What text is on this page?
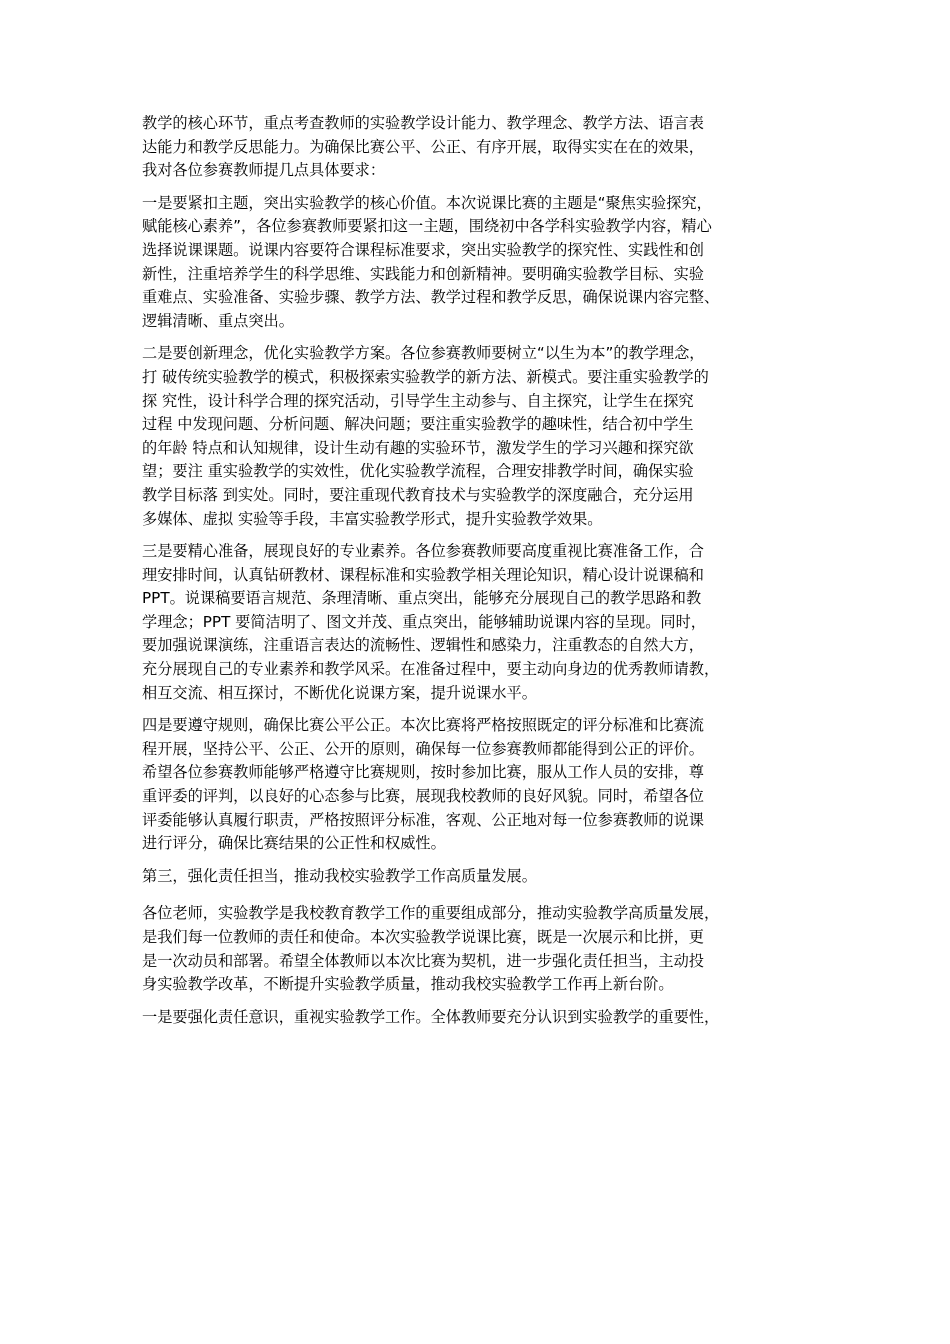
教学的核心环节，重点考查教师的实验教学设计能力、教学理念、教学方法、语言表
达能力和教学反思能力。为确保比赛公平、公正、有序开展，取得实实在在的效果，
我对各位参赛教师提几点具体要求：
一是要紧扣主题，突出实验教学的核心价值。本次说课比赛的主题是“聚焦实验探究，
赋能核心素养”，各位参赛教师要紧扣这一主题，围绕初中各学科实验教学内容，精心
选择说课课题。说课内容要符合课程标准要求，突出实验教学的探究性、实践性和创
新性，注重培养学生的科学思维、实践能力和创新精神。要明确实验教学目标、实验
重难点、实验准备、实验步骤、教学方法、教学过程和教学反思，确保说课内容完整、
逻辑清晰、重点突出。
二是要创新理念，优化实验教学方案。各位参赛教师要树立“以生为本”的教学理念，
打 破传统实验教学的模式，积极探索实验教学的新方法、新模式。要注重实验教学的
探 究性，设计科学合理的探究活动，引导学生主动参与、自主探究，让学生在探究
过程 中发现问题、分析问题、解决问题；要注重实验教学的趣味性，结合初中学生
的年龄 特点和认知规律，设计生动有趣的实验环节，激发学生的学习兴趣和探究欲
望；要注 重实验教学的实效性，优化实验教学流程，合理安排教学时间，确保实验
教学目标落 到实处。同时，要注重现代教育技术与实验教学的深度融合，充分运用
多媒体、虚拟 实验等手段，丰富实验教学形式，提升实验教学效果。
三是要精心准备，展现良好的专业素养。各位参赛教师要高度重视比赛准备工作，合
理安排时间，认真钻研教材、课程标准和实验教学相关理论知识，精心设计说课稿和
PPT。说课稿要语言规范、条理清晰、重点突出，能够充分展现自己的教学思路和教
学理念；PPT 要简洁明了、图文并茂、重点突出，能够辅助说课内容的呈现。同时，
要加强说课演练，注重语言表达的流畅性、逻辑性和感染力，注重教态的自然大方，
充分展现自己的专业素养和教学风采。在准备过程中，要主动向身边的优秀教师请教，
相互交流、相互探讨，不断优化说课方案，提升说课水平。
四是要遵守规则，确保比赛公平公正。本次比赛将严格按照既定的评分标准和比赛流
程开展，坚持公平、公正、公开的原则，确保每一位参赛教师都能得到公正的评价。
希望各位参赛教师能够严格遵守比赛规则，按时参加比赛，服从工作人员的安排，尊
重评委的评判，以良好的心态参与比赛，展现我校教师的良好风貌。同时，希望各位
评委能够认真履行职责，严格按照评分标准，客观、公正地对每一位参赛教师的说课
进行评分，确保比赛结果的公正性和权威性。
第三，强化责任担当，推动我校实验教学工作高质量发展。
各位老师，实验教学是我校教育教学工作的重要组成部分，推动实验教学高质量发展，
是我们每一位教师的责任和使命。本次实验教学说课比赛，既是一次展示和比拼，更
是一次动员和部署。希望全体教师以本次比赛为契机，进一步强化责任担当，主动投
身实验教学改革，不断提升实验教学质量，推动我校实验教学工作再上新台阶。
一是要强化责任意识，重视实验教学工作。全体教师要充分认识到实验教学的重要性，
